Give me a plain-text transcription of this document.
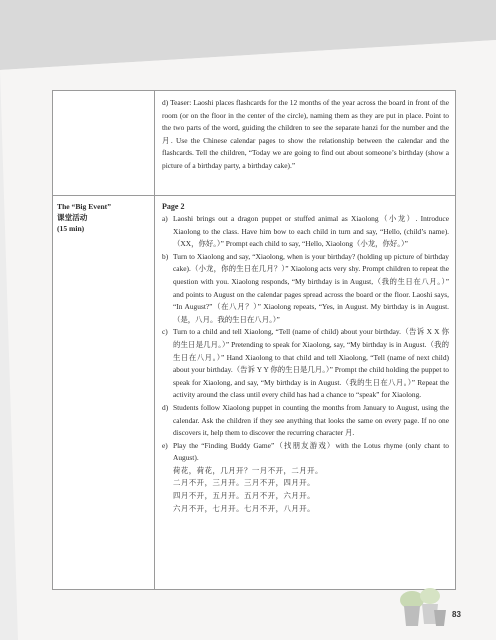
d) Teaser: Laoshi places flashcards for the 12 months of the year across the board in front of the room (or on the floor in the center of the circle), naming them as they are put in place. Point to the two parts of the word, guiding the children to see the separate hanzi for the number and the 月. Use the Chinese calendar pages to show the relationship between the calendar and the flashcards. Tell the children, “Today we are going to find out about someone’s birthday (show a picture of a birthday party, a birthday cake).”
The “Big Event”
课堂活动
(15 min)
Page 2
a) Laoshi brings out a dragon puppet or stuffed animal as Xiaolong（小龙）. Introduce Xiaolong to the class. Have him bow to each child in turn and say, “Hello, (child’s name).（XX，你好。）” Prompt each child to say, “Hello, Xiaolong（小龙，你好。）”
b) Turn to Xiaolong and say, “Xiaolong, when is your birthday? (holding up picture of birthday cake).（小龙，你的生日在几月？）” Xiaolong acts very shy. Prompt children to repeat the question with you. Xiaolong responds, “My birthday is in August,（我的生日在八月。）” and points to August on the calendar pages spread across the board or the floor. Laoshi says, “In August?”（在八月？）” Xiaolong repeats, “Yes, in August. My birthday is in August.（是，八月。我的生日在八月。）”
c) Turn to a child and tell Xiaolong, “Tell (name of child) about your birthday.（告诉 X X 你的生日是几月。）” Pretending to speak for Xiaolong, say, “My birthday is in August.（我的生日在八月。）” Hand Xiaolong to that child and tell Xiaolong, “Tell (name of next child) about your birthday.（告诉 Y Y 你的生日是几月。）” Prompt the child holding the puppet to speak for Xiaolong, and say, “My birthday is in August.（我的生日在八月。）” Repeat the activity around the class until every child has had a chance to “speak” for Xiaolong.
d) Students follow Xiaolong puppet in counting the months from January to August, using the calendar. Ask the children if they see anything that looks the same on every page. If no one discovers it, help them to discover the recurring character 月.
e) Play the “Finding Buddy Game”（找朋友游戏）with the Lotus rhyme (only chant to August).
荷花，荷花，几月开？一月不开，二月开。
二月不开，三月开。三月不开，四月开。
四月不开，五月开。五月不开，六月开。
六月不开，七月开。七月不开，八月开。
83
